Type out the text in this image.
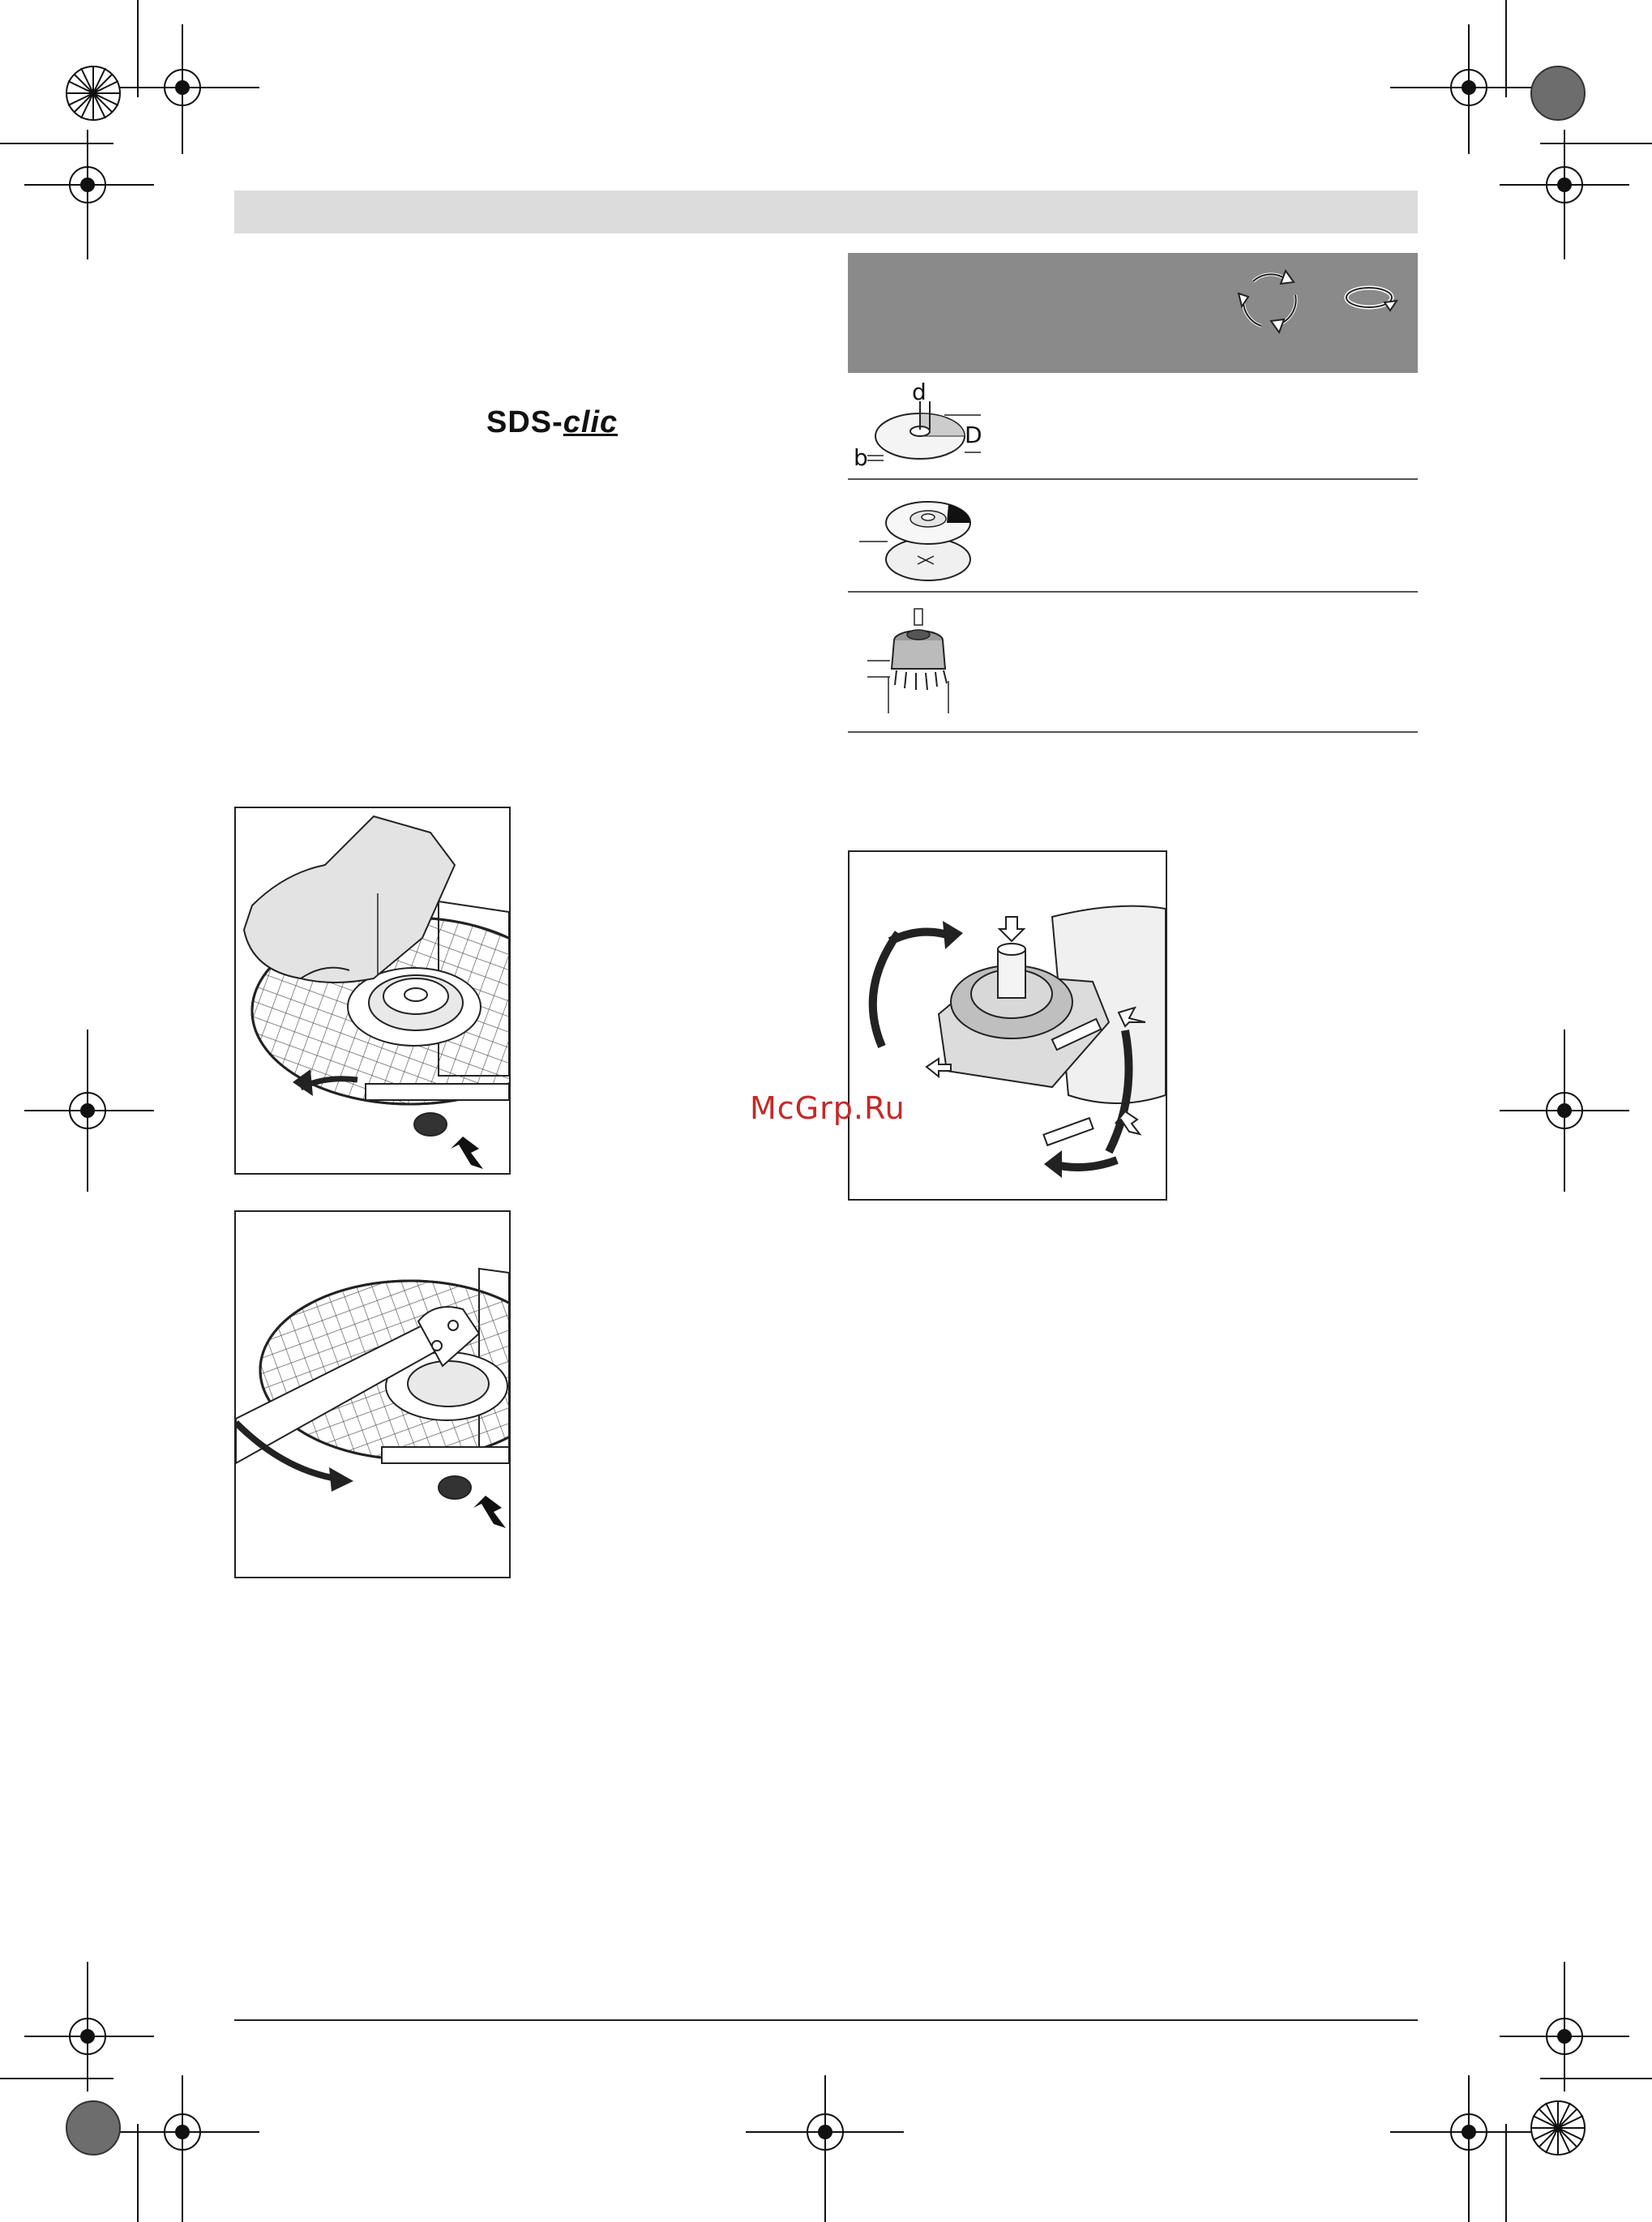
SDS-clic
d
D
b
McGrp.Ru
